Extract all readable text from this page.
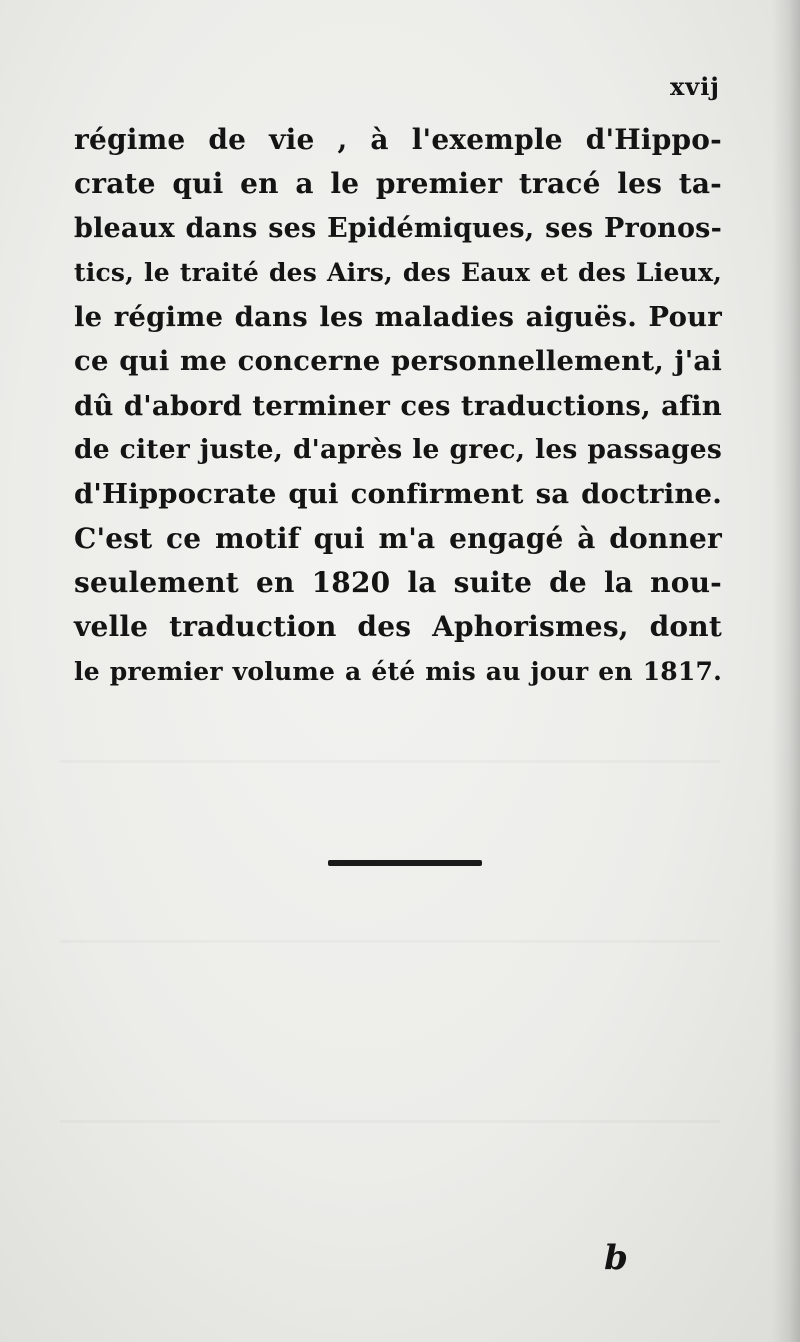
xvij
régime de vie , à l'exemple d'Hippo-
crate qui en a le premier tracé les ta-
bleaux dans ses Epidémiques, ses Pronos-
tics, le traité des Airs, des Eaux et des Lieux,
le régime dans les maladies aiguës. Pour
ce qui me concerne personnellement, j'ai
dû d'abord terminer ces traductions, afin
de citer juste, d'après le grec, les passages
d'Hippocrate qui confirment sa doctrine.
C'est ce motif qui m'a engagé à donner
seulement en 1820 la suite de la nou-
velle traduction des Aphorismes, dont
le premier volume a été mis au jour en 1817.
b
